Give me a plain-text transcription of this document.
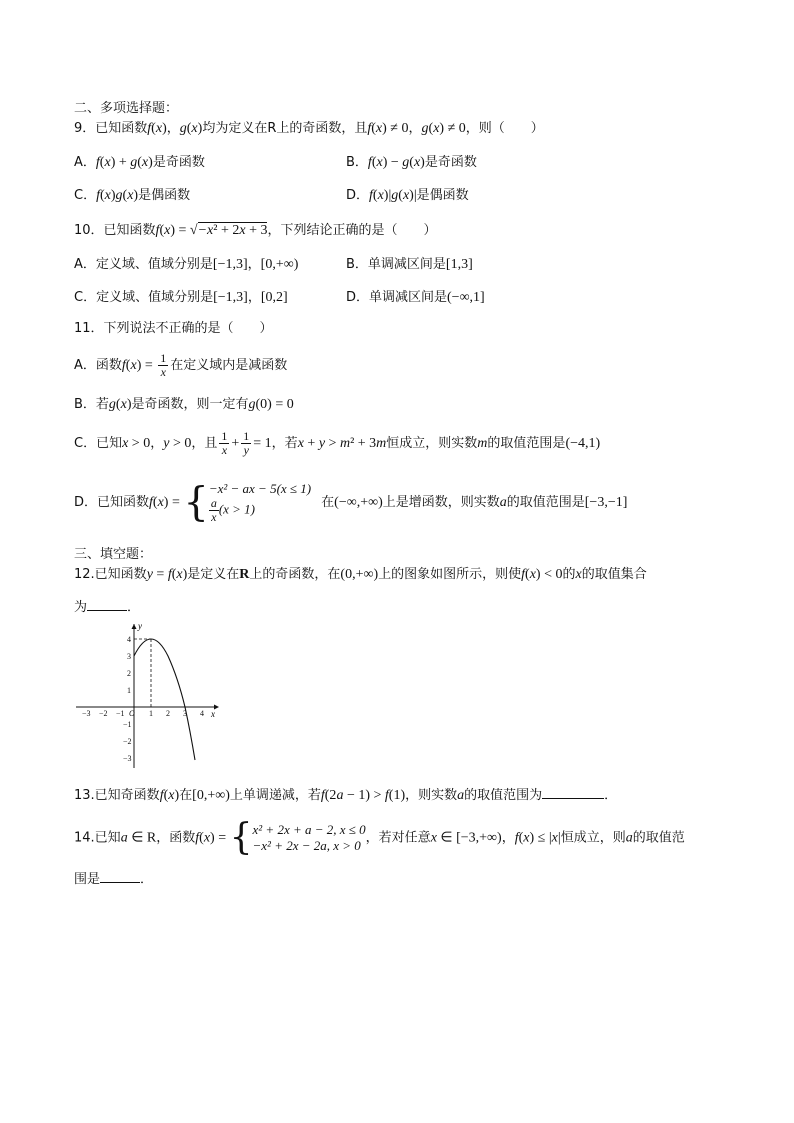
二、多项选择题：
9．已知函数f(x)，g(x)均为定义在R上的奇函数，且f(x) ≠ 0，g(x) ≠ 0，则（　　）
A．f(x) + g(x)是奇函数	B．f(x) − g(x)是奇函数
C．f(x)g(x)是偶函数	D．f(x)|g(x)|是偶函数
10．已知函数f(x) = √−x² + 2x + 3，下列结论正确的是（　　）
A．定义域、值域分别是[−1,3]，[0,+∞)	B．单调减区间是[1,3]
C．定义域、值域分别是[−1,3]，[0,2]	D．单调减区间是(−∞,1]
11．下列说法不正确的是（　　）
A．函数$f(x) = \frac{1}{x}$ 在定义域内是减函数
B．若g(x)是奇函数，则一定有g(0) = 0
C．已知x > 0，y > 0，且 $\frac{1}{x} + \frac{1}{y} = 1$，若x + y > m² + 3m恒成立，则实数m的取值范围是(−4,1)
D．已知函数f(x) = { −x² − ax − 5(x ≤ 1)
$\frac{a}{x} (x > 1)$	在(−∞,+∞)上是增函数，则实数a的取值范围是[−3,−1]
三、填空题：
12.已知函数y = f(x)是定义在R上的奇函数，在(0,+∞)上的图象如图所示，则使f(x) < 0的x的取值集合
为	．
y
x
−3 −2 −1 O 1 2 3 4
4
3
2
1
−1
−2
−3
13.已知奇函数f(x)在[0,+∞)上单调递减，若f(2a − 1) > f(1)，则实数a的取值范围为	．
14.已知a ∈ R，函数f(x) = { x² + 2x + a − 2, x ≤ 0
−x² + 2x − 2a, x > 0 ，若对任意x ∈ [−3,+∞)，f(x) ≤ |x|恒成立，则a的取值范
围是	．
